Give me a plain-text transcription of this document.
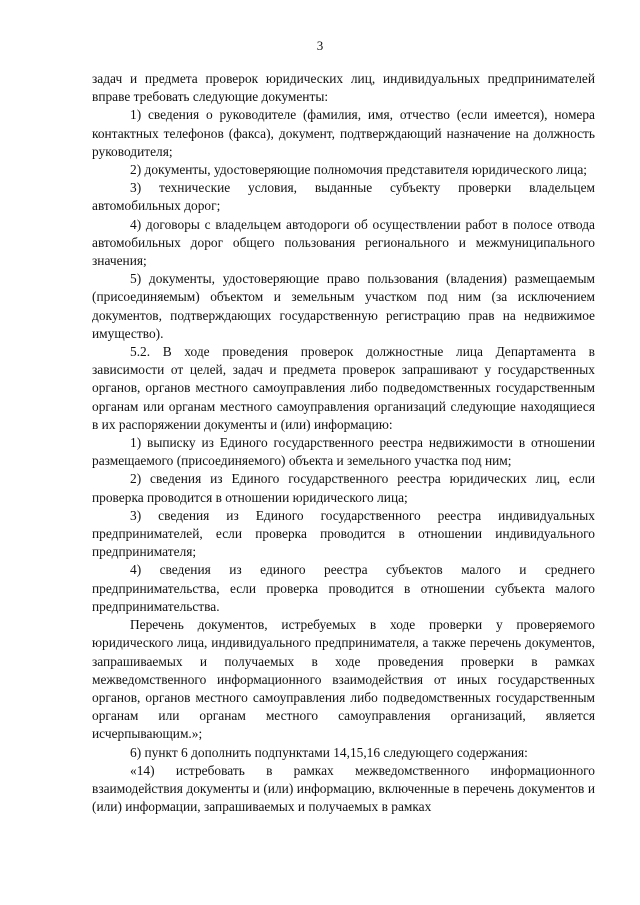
3

задач и предмета проверок юридических лиц, индивидуальных предпринимателей вправе требовать следующие документы:

1) сведения о руководителе (фамилия, имя, отчество (если имеется), номера контактных телефонов (факса), документ, подтверждающий назначение на должность руководителя;

2) документы, удостоверяющие полномочия представителя юридического лица;

3) технические условия, выданные субъекту проверки владельцем автомобильных дорог;

4) договоры с владельцем автодороги об осуществлении работ в полосе отвода автомобильных дорог общего пользования регионального и межмуниципального значения;

5) документы, удостоверяющие право пользования (владения) размещаемым (присоединяемым) объектом и земельным участком под ним (за исключением документов, подтверждающих государственную регистрацию прав на недвижимое имущество).

5.2. В ходе проведения проверок должностные лица Департамента в зависимости от целей, задач и предмета проверок запрашивают у государственных органов, органов местного самоуправления либо подведомственных государственным органам или органам местного самоуправления организаций следующие находящиеся в их распоряжении документы и (или) информацию:

1) выписку из Единого государственного реестра недвижимости в отношении размещаемого (присоединяемого) объекта и земельного участка под ним;

2) сведения из Единого государственного реестра юридических лиц, если проверка проводится в отношении юридического лица;

3) сведения из Единого государственного реестра индивидуальных предпринимателей, если проверка проводится в отношении индивидуального предпринимателя;

4) сведения из единого реестра субъектов малого и среднего предпринимательства, если проверка проводится в отношении субъекта малого предпринимательства.

Перечень документов, истребуемых в ходе проверки у проверяемого юридического лица, индивидуального предпринимателя, а также перечень документов, запрашиваемых и получаемых в ходе проведения проверки в рамках межведомственного информационного взаимодействия от иных государственных органов, органов местного самоуправления либо подведомственных государственным органам или органам местного самоуправления организаций, является исчерпывающим.»;

6) пункт 6 дополнить подпунктами 14,15,16 следующего содержания:

«14) истребовать в рамках межведомственного информационного взаимодействия документы и (или) информацию, включенные в перечень документов и (или) информации, запрашиваемых и получаемых в рамках
